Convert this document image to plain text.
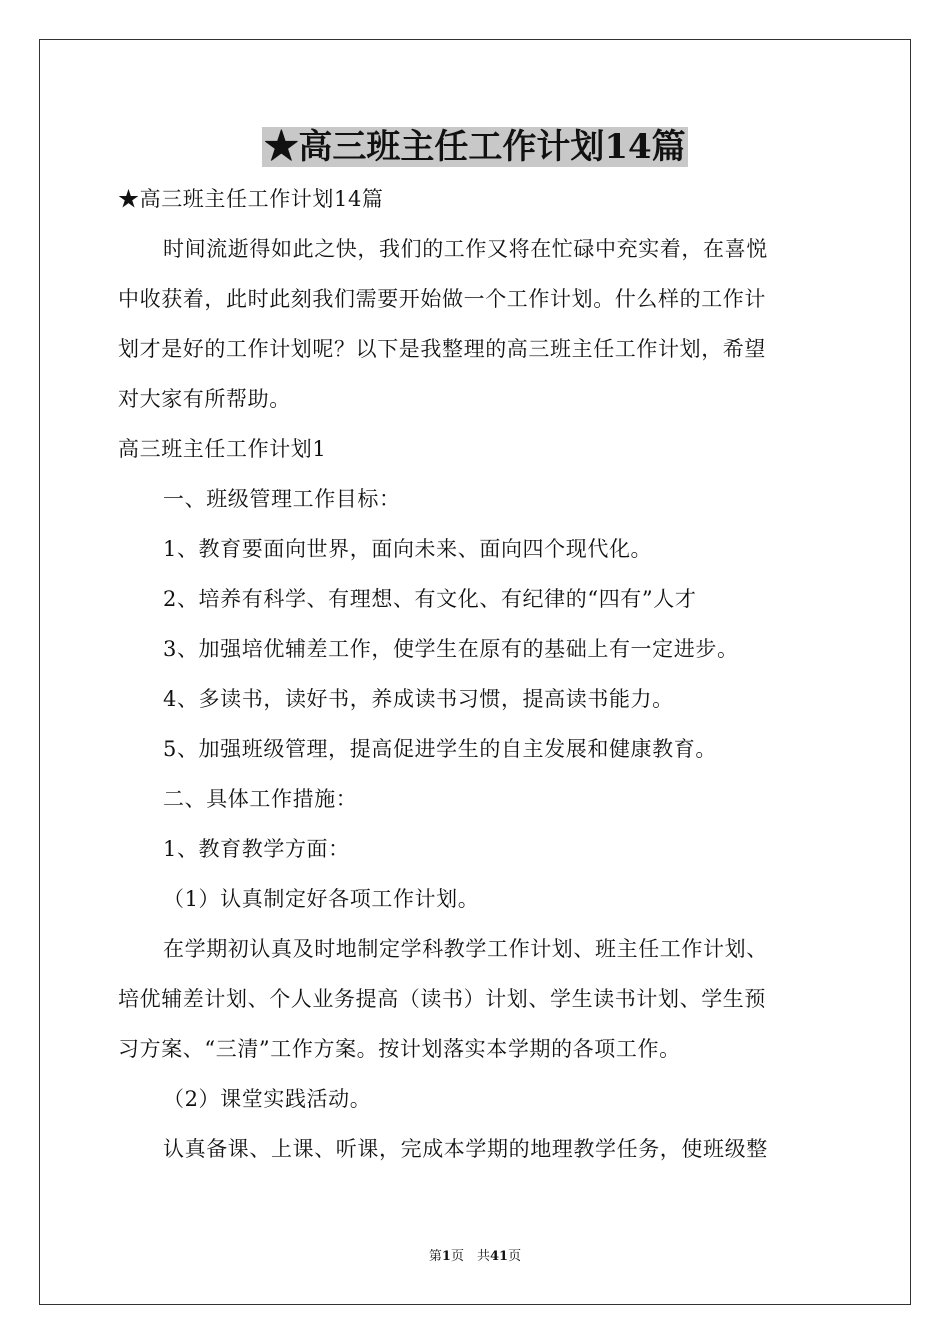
★高三班主任工作计划14篇
★高三班主任工作计划14篇
时间流逝得如此之快，我们的工作又将在忙碌中充实着，在喜悦
中收获着，此时此刻我们需要开始做一个工作计划。什么样的工作计
划才是好的工作计划呢？以下是我整理的高三班主任工作计划，希望
对大家有所帮助。
高三班主任工作计划1
一、班级管理工作目标：
1、教育要面向世界，面向未来、面向四个现代化。
2、培养有科学、有理想、有文化、有纪律的“四有”人才
3、加强培优辅差工作，使学生在原有的基础上有一定进步。
4、多读书，读好书，养成读书习惯，提高读书能力。
5、加强班级管理，提高促进学生的自主发展和健康教育。
二、具体工作措施：
1、教育教学方面：
（1）认真制定好各项工作计划。
在学期初认真及时地制定学科教学工作计划、班主任工作计划、
培优辅差计划、个人业务提高（读书）计划、学生读书计划、学生预
习方案、“三清”工作方案。按计划落实本学期的各项工作。
（2）课堂实践活动。
认真备课、上课、听课，完成本学期的地理教学任务，使班级整
第1页　共41页
